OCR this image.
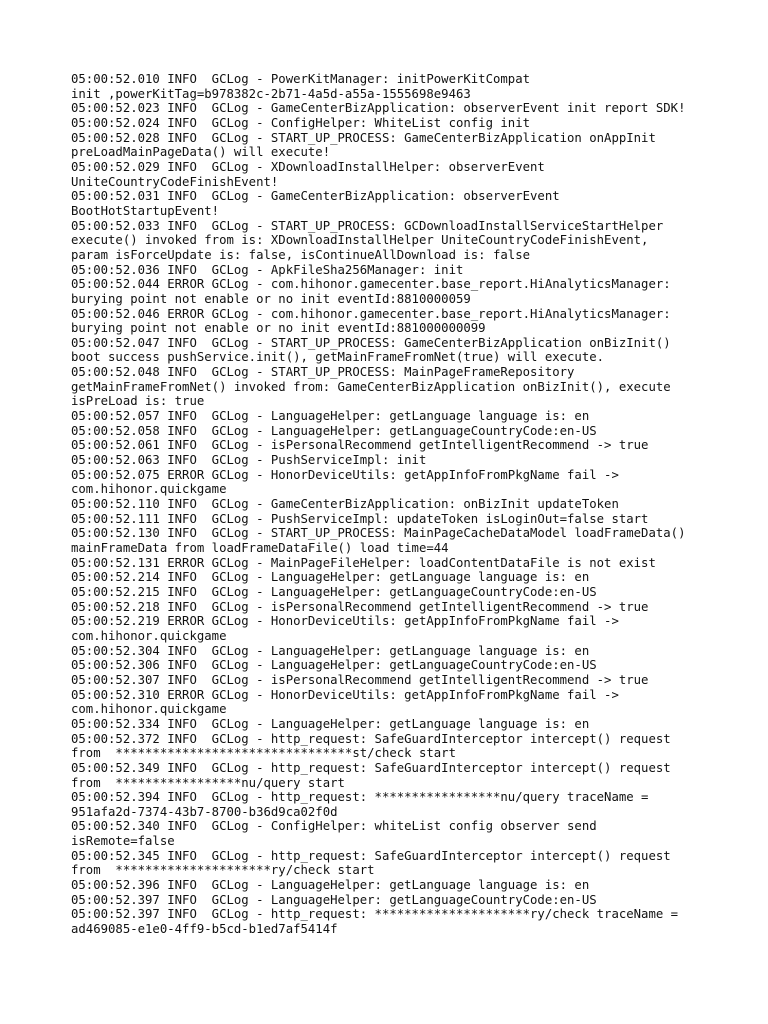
05:00:52.010 INFO  GCLog - PowerKitManager: initPowerKitCompat
init ,powerKitTag=b978382c-2b71-4a5d-a55a-1555698e9463
05:00:52.023 INFO  GCLog - GameCenterBizApplication: observerEvent init report SDK!
05:00:52.024 INFO  GCLog - ConfigHelper: WhiteList config init
05:00:52.028 INFO  GCLog - START_UP_PROCESS: GameCenterBizApplication onAppInit
preLoadMainPageData() will execute!
05:00:52.029 INFO  GCLog - XDownloadInstallHelper: observerEvent
UniteCountryCodeFinishEvent!
05:00:52.031 INFO  GCLog - GameCenterBizApplication: observerEvent
BootHotStartupEvent!
05:00:52.033 INFO  GCLog - START_UP_PROCESS: GCDownloadInstallServiceStartHelper
execute() invoked from is: XDownloadInstallHelper UniteCountryCodeFinishEvent,
param isForceUpdate is: false, isContinueAllDownload is: false
05:00:52.036 INFO  GCLog - ApkFileSha256Manager: init
05:00:52.044 ERROR GCLog - com.hihonor.gamecenter.base_report.HiAnalyticsManager:
burying point not enable or no init eventId:8810000059
05:00:52.046 ERROR GCLog - com.hihonor.gamecenter.base_report.HiAnalyticsManager:
burying point not enable or no init eventId:881000000099
05:00:52.047 INFO  GCLog - START_UP_PROCESS: GameCenterBizApplication onBizInit()
boot success pushService.init(), getMainFrameFromNet(true) will execute.
05:00:52.048 INFO  GCLog - START_UP_PROCESS: MainPageFrameRepository
getMainFrameFromNet() invoked from: GameCenterBizApplication onBizInit(), execute
isPreLoad is: true
05:00:52.057 INFO  GCLog - LanguageHelper: getLanguage language is: en
05:00:52.058 INFO  GCLog - LanguageHelper: getLanguageCountryCode:en-US
05:00:52.061 INFO  GCLog - isPersonalRecommend getIntelligentRecommend -> true
05:00:52.063 INFO  GCLog - PushServiceImpl: init
05:00:52.075 ERROR GCLog - HonorDeviceUtils: getAppInfoFromPkgName fail ->
com.hihonor.quickgame
05:00:52.110 INFO  GCLog - GameCenterBizApplication: onBizInit updateToken
05:00:52.111 INFO  GCLog - PushServiceImpl: updateToken isLoginOut=false start
05:00:52.130 INFO  GCLog - START_UP_PROCESS: MainPageCacheDataModel loadFrameData()
mainFrameData from loadFrameDataFile() load time=44
05:00:52.131 ERROR GCLog - MainPageFileHelper: loadContentDataFile is not exist
05:00:52.214 INFO  GCLog - LanguageHelper: getLanguage language is: en
05:00:52.215 INFO  GCLog - LanguageHelper: getLanguageCountryCode:en-US
05:00:52.218 INFO  GCLog - isPersonalRecommend getIntelligentRecommend -> true
05:00:52.219 ERROR GCLog - HonorDeviceUtils: getAppInfoFromPkgName fail ->
com.hihonor.quickgame
05:00:52.304 INFO  GCLog - LanguageHelper: getLanguage language is: en
05:00:52.306 INFO  GCLog - LanguageHelper: getLanguageCountryCode:en-US
05:00:52.307 INFO  GCLog - isPersonalRecommend getIntelligentRecommend -> true
05:00:52.310 ERROR GCLog - HonorDeviceUtils: getAppInfoFromPkgName fail ->
com.hihonor.quickgame
05:00:52.334 INFO  GCLog - LanguageHelper: getLanguage language is: en
05:00:52.372 INFO  GCLog - http_request: SafeGuardInterceptor intercept() request
from  ********************************st/check start
05:00:52.349 INFO  GCLog - http_request: SafeGuardInterceptor intercept() request
from  *****************nu/query start
05:00:52.394 INFO  GCLog - http_request: *****************nu/query traceName =
951afa2d-7374-43b7-8700-b36d9ca02f0d
05:00:52.340 INFO  GCLog - ConfigHelper: whiteList config observer send
isRemote=false
05:00:52.345 INFO  GCLog - http_request: SafeGuardInterceptor intercept() request
from  *********************ry/check start
05:00:52.396 INFO  GCLog - LanguageHelper: getLanguage language is: en
05:00:52.397 INFO  GCLog - LanguageHelper: getLanguageCountryCode:en-US
05:00:52.397 INFO  GCLog - http_request: *********************ry/check traceName =
ad469085-e1e0-4ff9-b5cd-b1ed7af5414f
